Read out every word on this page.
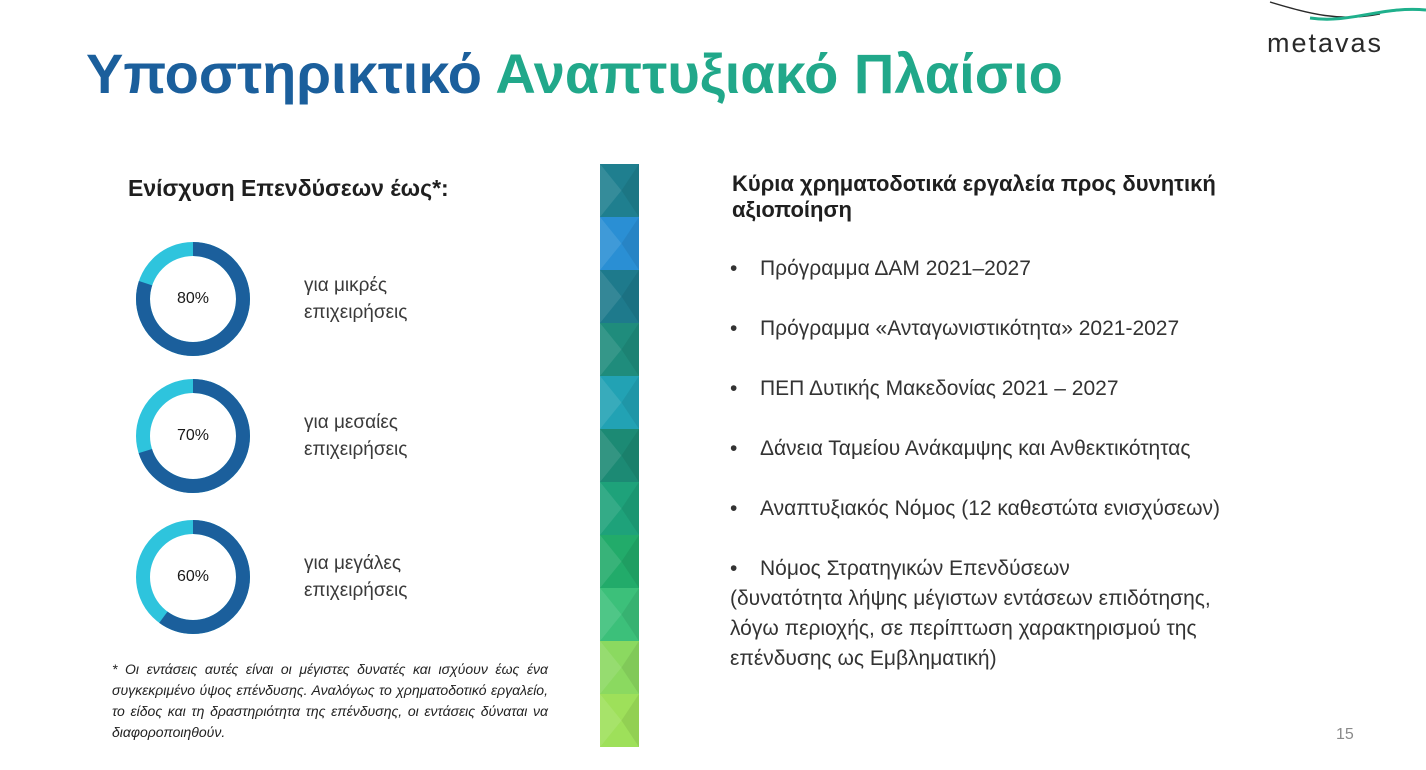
Υποστηρικτικό Αναπτυξιακό Πλαίσιο	metavas
Ενίσχυση Επενδύσεων έως*:
80%
για μικρές
επιχειρήσεις
70%
για μεσαίες
επιχειρήσεις
60%
για μεγάλες
επιχειρήσεις

* Οι εντάσεις αυτές είναι οι μέγιστες δυνατές και ισχύουν έως ένα συγκεκριμένο ύψος επένδυσης. Αναλόγως το χρηματοδοτικό εργαλείο, το είδος και τη δραστηριότητα της επένδυσης, οι εντάσεις δύναται να διαφοροποιηθούν.

Κύρια χρηματοδοτικά εργαλεία προς δυνητική αξιοποίηση
• Πρόγραμμα ΔΑΜ 2021–2027
• Πρόγραμμα «Ανταγωνιστικότητα» 2021-2027
• ΠΕΠ Δυτικής Μακεδονίας 2021 – 2027
• Δάνεια Ταμείου Ανάκαμψης και Ανθεκτικότητας
• Αναπτυξιακός Νόμος (12 καθεστώτα ενισχύσεων)
• Νόμος Στρατηγικών Επενδύσεων
(δυνατότητα λήψης μέγιστων εντάσεων επιδότησης,
λόγω περιοχής, σε περίπτωση χαρακτηρισμού της
επένδυσης ως Εμβληματική)
15
